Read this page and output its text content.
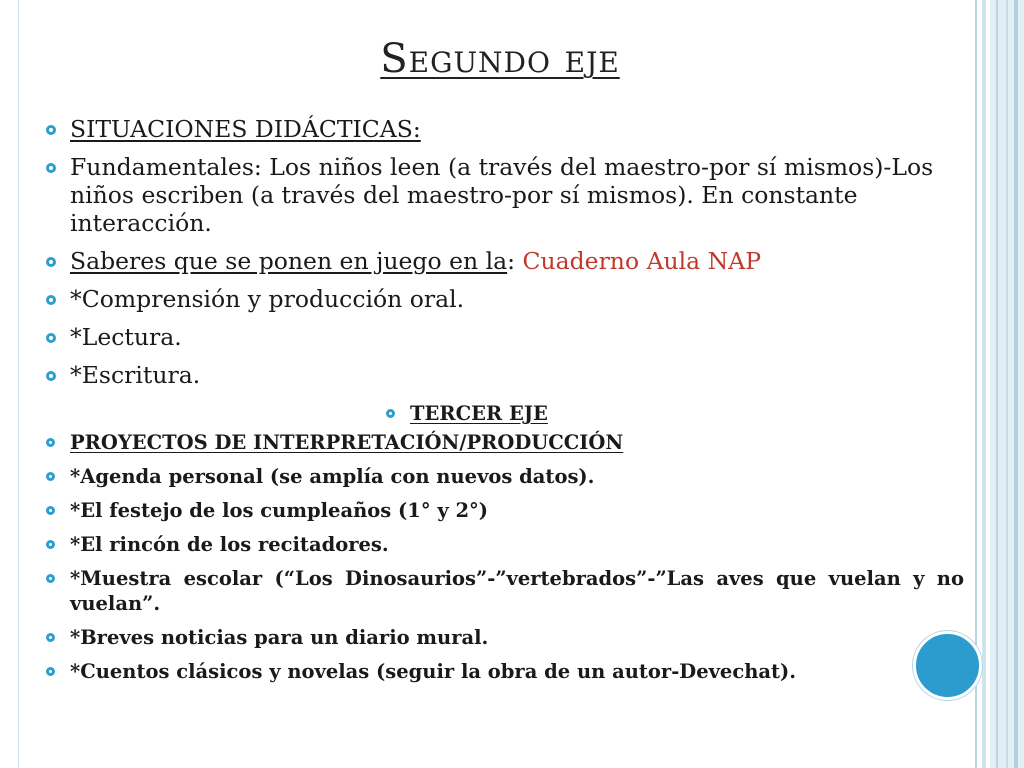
Segundo eje
SITUACIONES DIDÁCTICAS:
Fundamentales: Los niños leen (a través del maestro-por sí mismos)-Los niños escriben (a través del maestro-por sí mismos). En constante interacción.
Saberes que se ponen en juego en la: Cuaderno Aula NAP
*Comprensión y producción oral.
*Lectura.
*Escritura.
TERCER EJE
PROYECTOS DE INTERPRETACIÓN/PRODUCCIÓN
*Agenda personal (se amplía con nuevos datos).
*El festejo de los cumpleaños (1° y 2°)
*El rincón de los recitadores.
*Muestra escolar (“Los Dinosaurios”-”vertebrados”-”Las aves que vuelan y no vuelan”.
*Breves noticias para un diario mural.
*Cuentos clásicos y novelas (seguir la obra de un autor-Devechat).
